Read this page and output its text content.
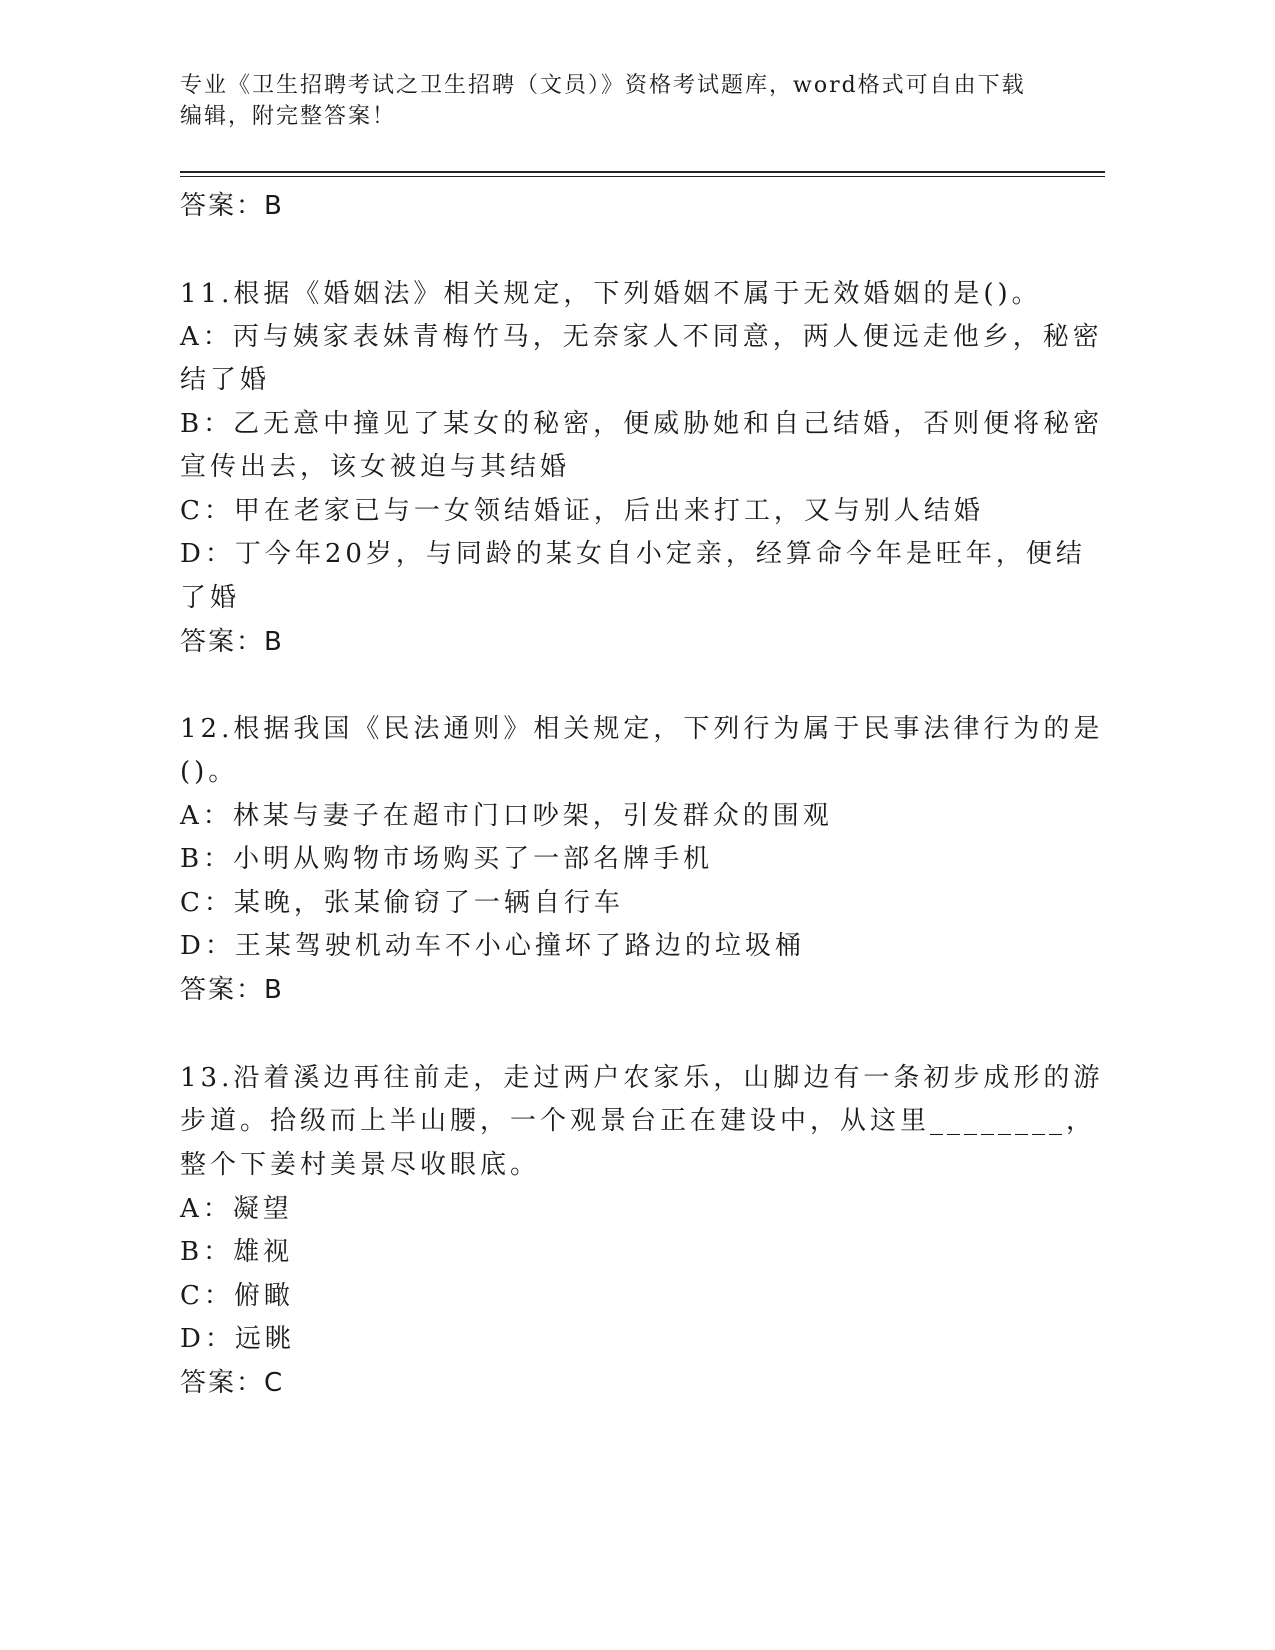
专业《卫生招聘考试之卫生招聘（文员）》资格考试题库，word格式可自由下载
编辑，附完整答案！
答案：B
11.根据《婚姻法》相关规定，下列婚姻不属于无效婚姻的是()。
A：丙与姨家表妹青梅竹马，无奈家人不同意，两人便远走他乡，秘密
结了婚
B：乙无意中撞见了某女的秘密，便威胁她和自己结婚，否则便将秘密
宣传出去，该女被迫与其结婚
C：甲在老家已与一女领结婚证，后出来打工，又与别人结婚
D：丁今年20岁，与同龄的某女自小定亲，经算命今年是旺年，便结
了婚
答案：B
12.根据我国《民法通则》相关规定，下列行为属于民事法律行为的是
()。
A：林某与妻子在超市门口吵架，引发群众的围观
B：小明从购物市场购买了一部名牌手机
C：某晚，张某偷窃了一辆自行车
D：王某驾驶机动车不小心撞坏了路边的垃圾桶
答案：B
13.沿着溪边再往前走，走过两户农家乐，山脚边有一条初步成形的游
步道。拾级而上半山腰，一个观景台正在建设中，从这里________，
整个下姜村美景尽收眼底。
A：凝望
B：雄视
C：俯瞰
D：远眺
答案：C
